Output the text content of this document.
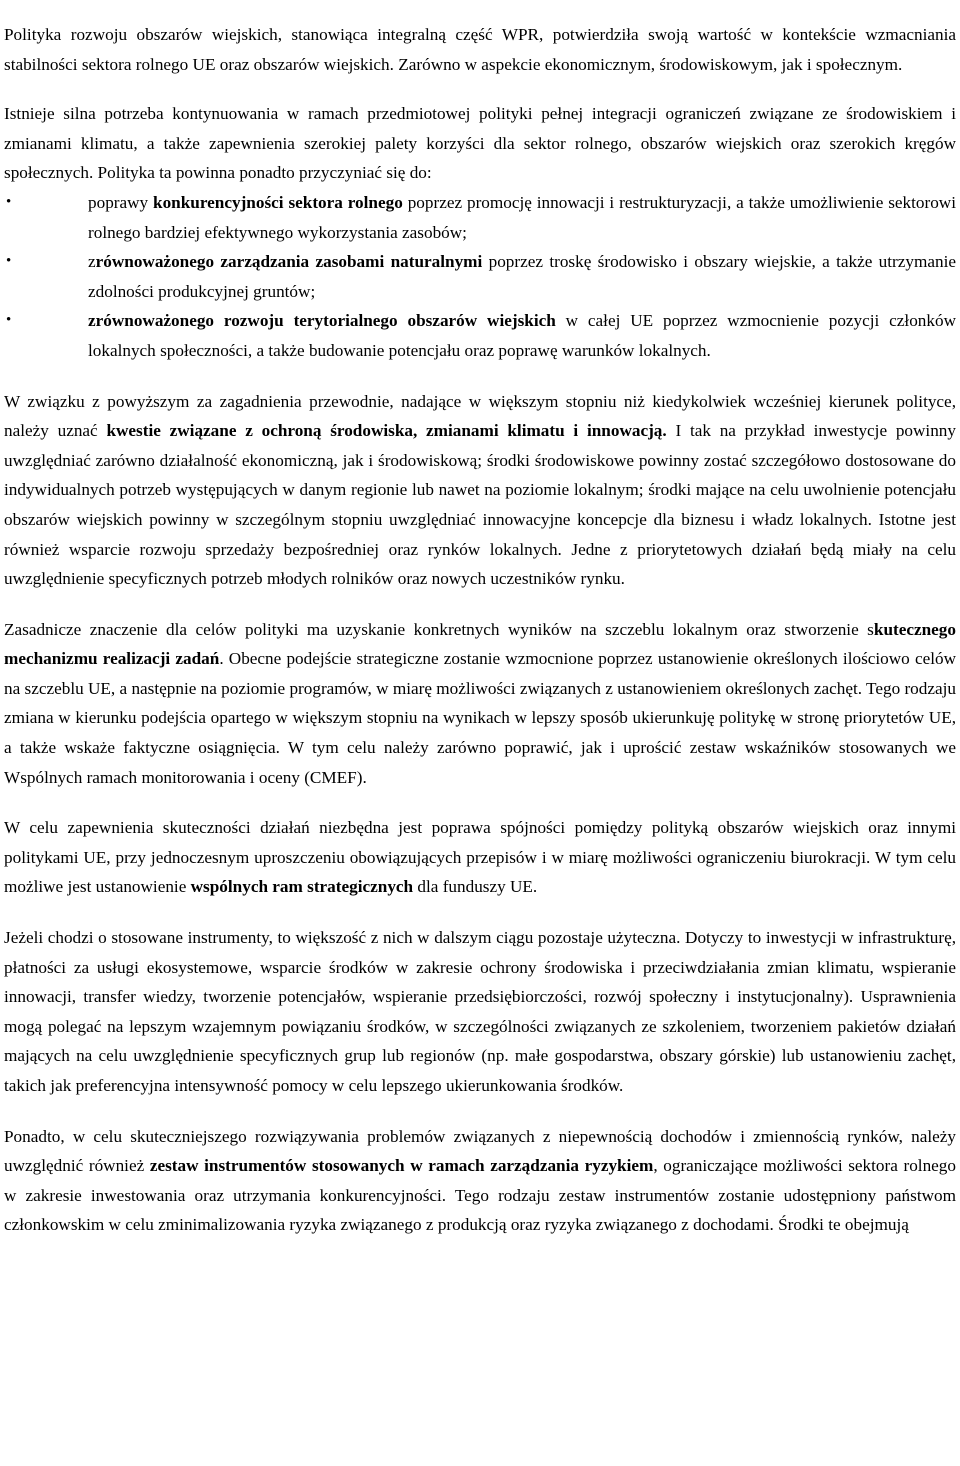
Polityka rozwoju obszarów wiejskich, stanowiąca integralną część WPR, potwierdziła swoją wartość w kontekście wzmacniania stabilności sektora rolnego UE oraz obszarów wiejskich. Zarówno w aspekcie ekonomicznym, środowiskowym, jak i społecznym.

Istnieje silna potrzeba kontynuowania w ramach przedmiotowej polityki pełnej integracji ograniczeń związane ze środowiskiem i zmianami klimatu, a także zapewnienia szerokiej palety korzyści dla sektor rolnego, obszarów wiejskich oraz szerokich kręgów społecznych. Polityka ta powinna ponadto przyczyniać się do:

•	poprawy konkurencyjności sektora rolnego poprzez promocję innowacji i restrukturyzacji, a także umożliwienie sektorowi rolnego bardziej efektywnego wykorzystania zasobów;
•	zrównoważonego zarządzania zasobami naturalnymi poprzez troskę środowisko i obszary wiejskie, a także utrzymanie zdolności produkcyjnej gruntów;
•	zrównoważonego rozwoju terytorialnego obszarów wiejskich w całej UE poprzez wzmocnienie pozycji członków lokalnych społeczności, a także budowanie potencjału oraz poprawę warunków lokalnych.

W związku z powyższym za zagadnienia przewodnie, nadające w większym stopniu niż kiedykolwiek wcześniej kierunek polityce, należy uznać kwestie związane z ochroną środowiska, zmianami klimatu i innowacją. I tak na przykład inwestycje powinny uwzględniać zarówno działalność ekonomiczną, jak i środowiskową; środki środowiskowe powinny zostać szczegółowo dostosowane do indywidualnych potrzeb występujących w danym regionie lub nawet na poziomie lokalnym; środki mające na celu uwolnienie potencjału obszarów wiejskich powinny w szczególnym stopniu uwzględniać innowacyjne koncepcje dla biznesu i władz lokalnych. Istotne jest również wsparcie rozwoju sprzedaży bezpośredniej oraz rynków lokalnych. Jedne z priorytetowych działań będą miały na celu uwzględnienie specyficznych potrzeb młodych rolników oraz nowych uczestników rynku.

Zasadnicze znaczenie dla celów polityki ma uzyskanie konkretnych wyników na szczeblu lokalnym oraz stworzenie skutecznego mechanizmu realizacji zadań. Obecne podejście strategiczne zostanie wzmocnione poprzez ustanowienie określonych ilościowo celów na szczeblu UE, a następnie na poziomie programów, w miarę możliwości związanych z ustanowieniem określonych zachęt. Tego rodzaju zmiana w kierunku podejścia opartego w większym stopniu na wynikach w lepszy sposób ukierunkuję politykę w stronę priorytetów UE, a także wskaże faktyczne osiągnięcia. W tym celu należy zarówno poprawić, jak i uprościć zestaw wskaźników stosowanych we Wspólnych ramach monitorowania i oceny (CMEF).

W celu zapewnienia skuteczności działań niezbędna jest poprawa spójności pomiędzy polityką obszarów wiejskich oraz innymi politykami UE, przy jednoczesnym uproszczeniu obowiązujących przepisów i w miarę możliwości ograniczeniu biurokracji. W tym celu możliwe jest ustanowienie wspólnych ram strategicznych dla funduszy UE.

Jeżeli chodzi o stosowane instrumenty, to większość z nich w dalszym ciągu pozostaje użyteczna. Dotyczy to inwestycji w infrastrukturę, płatności za usługi ekosystemowe, wsparcie środków w zakresie ochrony środowiska i przeciwdziałania zmian klimatu, wspieranie innowacji, transfer wiedzy, tworzenie potencjałów, wspieranie przedsiębiorczości, rozwój społeczny i instytucjonalny). Usprawnienia mogą polegać na lepszym wzajemnym powiązaniu środków, w szczególności związanych ze szkoleniem, tworzeniem pakietów działań mających na celu uwzględnienie specyficznych grup lub regionów (np. małe gospodarstwa, obszary górskie) lub ustanowieniu zachęt, takich jak preferencyjna intensywność pomocy w celu lepszego ukierunkowania środków.

Ponadto, w celu skuteczniejszego rozwiązywania problemów związanych z niepewnością dochodów i zmiennością rynków, należy uwzględnić również zestaw instrumentów stosowanych w ramach zarządzania ryzykiem, ograniczające możliwości sektora rolnego w zakresie inwestowania oraz utrzymania konkurencyjności. Tego rodzaju zestaw instrumentów zostanie udostępniony państwom członkowskim w celu zminimalizowania ryzyka związanego z produkcją oraz ryzyka związanego z dochodami. Środki te obejmują
